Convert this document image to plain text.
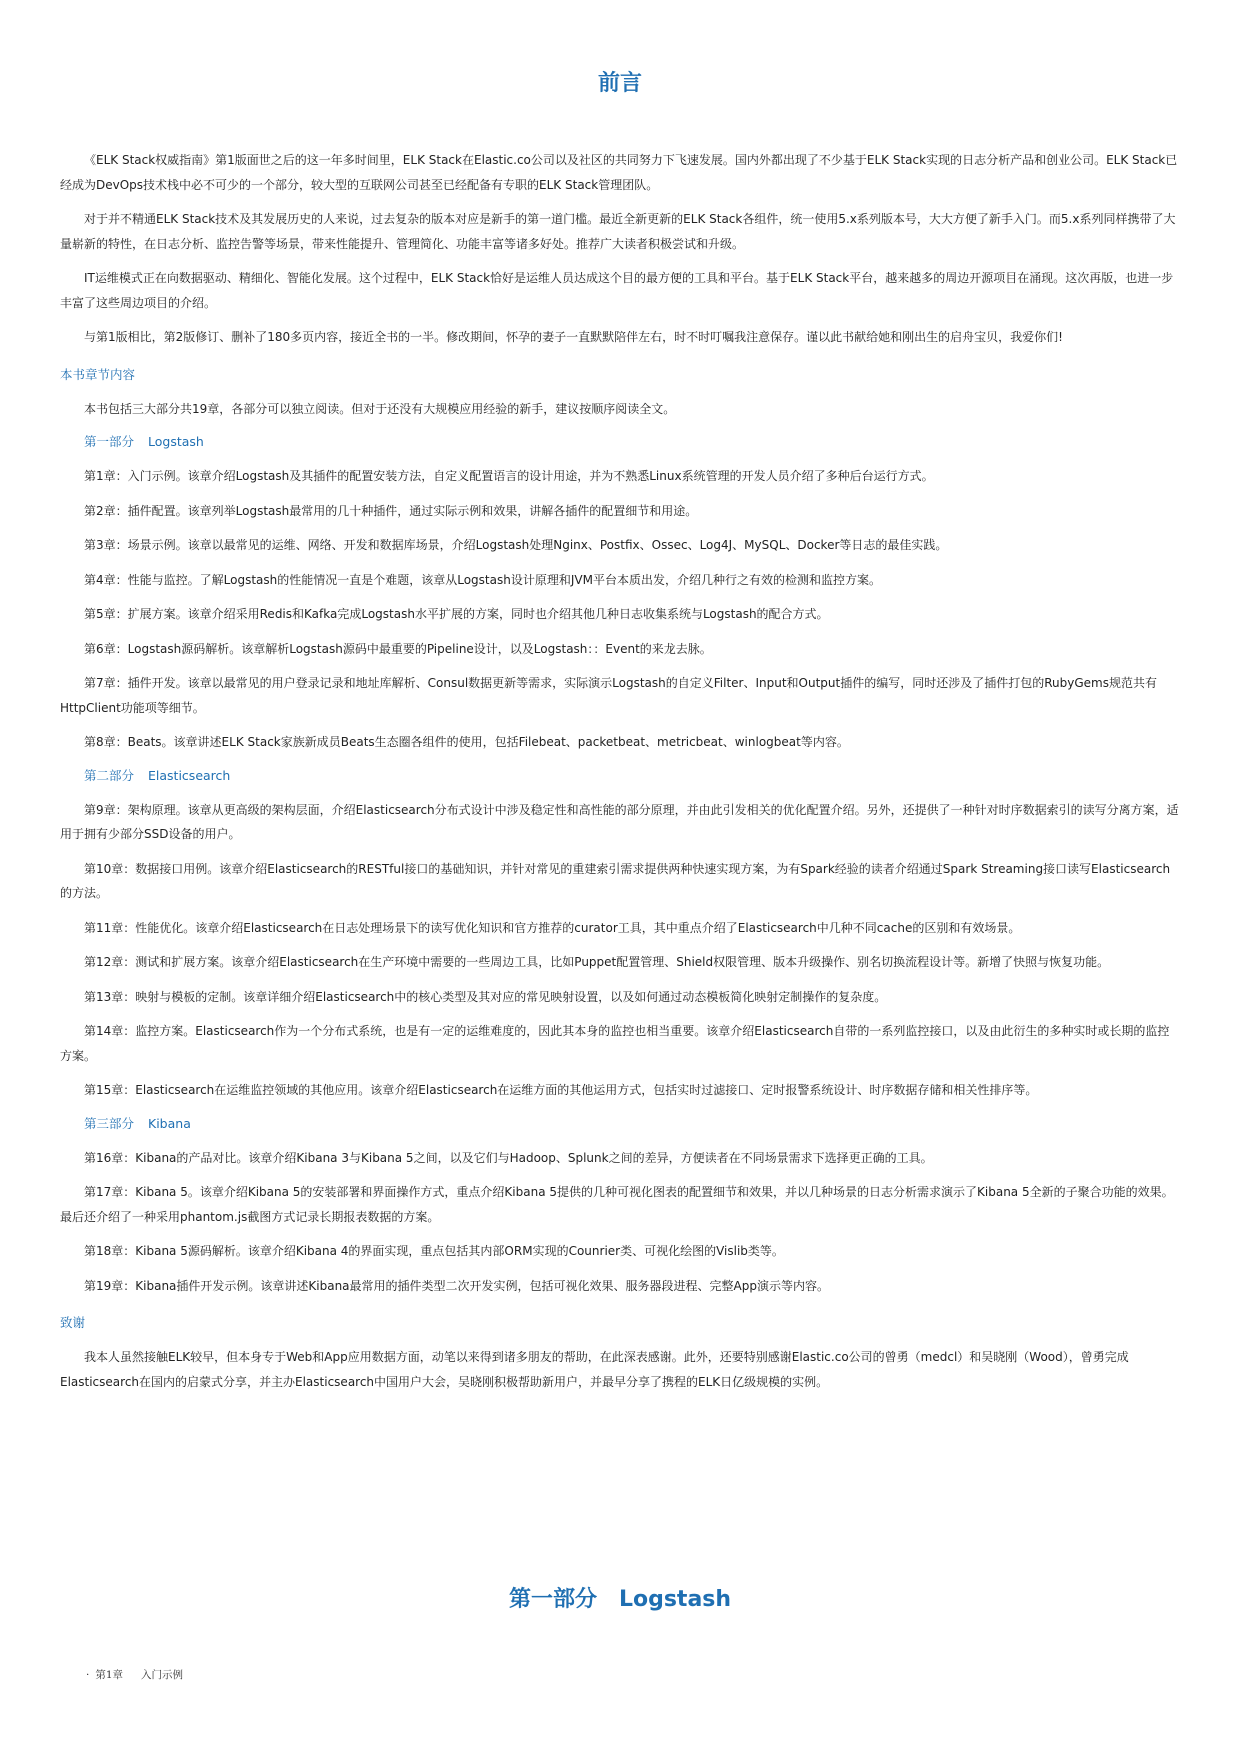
前言

《ELK Stack权威指南》第1版面世之后的这一年多时间里，ELK Stack在Elastic.co公司以及社区的共同努力下飞速发展。国内外都出现了不少基于ELK Stack实现的日志分析产品和创业公司。ELK Stack已经成为DevOps技术栈中必不可少的一个部分，较大型的互联网公司甚至已经配备有专职的ELK Stack管理团队。

对于并不精通ELK Stack技术及其发展历史的人来说，过去复杂的版本对应是新手的第一道门槛。最近全新更新的ELK Stack各组件，统一使用5.x系列版本号，大大方便了新手入门。而5.x系列同样携带了大量崭新的特性，在日志分析、监控告警等场景，带来性能提升、管理简化、功能丰富等诸多好处。推荐广大读者积极尝试和升级。

IT运维模式正在向数据驱动、精细化、智能化发展。这个过程中，ELK Stack恰好是运维人员达成这个目的最方便的工具和平台。基于ELK Stack平台，越来越多的周边开源项目在涌现。这次再版，也进一步丰富了这些周边项目的介绍。

与第1版相比，第2版修订、删补了180多页内容，接近全书的一半。修改期间，怀孕的妻子一直默默陪伴左右，时不时叮嘱我注意保存。谨以此书献给她和刚出生的启舟宝贝，我爱你们!

本书章节内容

本书包括三大部分共19章，各部分可以独立阅读。但对于还没有大规模应用经验的新手，建议按顺序阅读全文。

第一部分 Logstash

第1章：入门示例。该章介绍Logstash及其插件的配置安装方法，自定义配置语言的设计用途，并为不熟悉Linux系统管理的开发人员介绍了多种后台运行方式。

第2章：插件配置。该章列举Logstash最常用的几十种插件，通过实际示例和效果，讲解各插件的配置细节和用途。

第3章：场景示例。该章以最常见的运维、网络、开发和数据库场景，介绍Logstash处理Nginx、Postfix、Ossec、Log4J、MySQL、Docker等日志的最佳实践。

第4章：性能与监控。了解Logstash的性能情况一直是个难题，该章从Logstash设计原理和JVM平台本质出发，介绍几种行之有效的检测和监控方案。

第5章：扩展方案。该章介绍采用Redis和Kafka完成Logstash水平扩展的方案，同时也介绍其他几种日志收集系统与Logstash的配合方式。

第6章：Logstash源码解析。该章解析Logstash源码中最重要的Pipeline设计，以及Logstash：：Event的来龙去脉。

第7章：插件开发。该章以最常见的用户登录记录和地址库解析、Consul数据更新等需求，实际演示Logstash的自定义Filter、Input和Output插件的编写，同时还涉及了插件打包的RubyGems规范共有HttpClient功能项等细节。

第8章：Beats。该章讲述ELK Stack家族新成员Beats生态圈各组件的使用，包括Filebeat、packetbeat、metricbeat、winlogbeat等内容。

第二部分 Elasticsearch

第9章：架构原理。该章从更高级的架构层面，介绍Elasticsearch分布式设计中涉及稳定性和高性能的部分原理，并由此引发相关的优化配置介绍。另外，还提供了一种针对时序数据索引的读写分离方案，适用于拥有少部分SSD设备的用户。

第10章：数据接口用例。该章介绍Elasticsearch的RESTful接口的基础知识，并针对常见的重建索引需求提供两种快速实现方案，为有Spark经验的读者介绍通过Spark Streaming接口读写Elasticsearch的方法。

第11章：性能优化。该章介绍Elasticsearch在日志处理场景下的读写优化知识和官方推荐的curator工具，其中重点介绍了Elasticsearch中几种不同cache的区别和有效场景。

第12章：测试和扩展方案。该章介绍Elasticsearch在生产环境中需要的一些周边工具，比如Puppet配置管理、Shield权限管理、版本升级操作、别名切换流程设计等。新增了快照与恢复功能。

第13章：映射与模板的定制。该章详细介绍Elasticsearch中的核心类型及其对应的常见映射设置，以及如何通过动态模板简化映射定制操作的复杂度。

第14章：监控方案。Elasticsearch作为一个分布式系统，也是有一定的运维难度的，因此其本身的监控也相当重要。该章介绍Elasticsearch自带的一系列监控接口，以及由此衍生的多种实时或长期的监控方案。

第15章：Elasticsearch在运维监控领域的其他应用。该章介绍Elasticsearch在运维方面的其他运用方式，包括实时过滤接口、定时报警系统设计、时序数据存储和相关性排序等。

第三部分 Kibana

第16章：Kibana的产品对比。该章介绍Kibana 3与Kibana 5之间，以及它们与Hadoop、Splunk之间的差异，方便读者在不同场景需求下选择更正确的工具。

第17章：Kibana 5。该章介绍Kibana 5的安装部署和界面操作方式，重点介绍Kibana 5提供的几种可视化图表的配置细节和效果，并以几种场景的日志分析需求演示了Kibana 5全新的子聚合功能的效果。最后还介绍了一种采用phantom.js截图方式记录长期报表数据的方案。

第18章：Kibana 5源码解析。该章介绍Kibana 4的界面实现，重点包括其内部ORM实现的Counrier类、可视化绘图的Vislib类等。

第19章：Kibana插件开发示例。该章讲述Kibana最常用的插件类型二次开发实例，包括可视化效果、服务器段进程、完整App演示等内容。

致谢

我本人虽然接触ELK较早，但本身专于Web和App应用数据方面，动笔以来得到诸多朋友的帮助，在此深表感谢。此外，还要特别感谢Elastic.co公司的曾勇（medcl）和吴晓刚（Wood），曾勇完成Elasticsearch在国内的启蒙式分享，并主办Elasticsearch中国用户大会，吴晓刚积极帮助新用户，并最早分享了携程的ELK日亿级规模的实例。

第一部分 Logstash
· 第1章 入门示例
